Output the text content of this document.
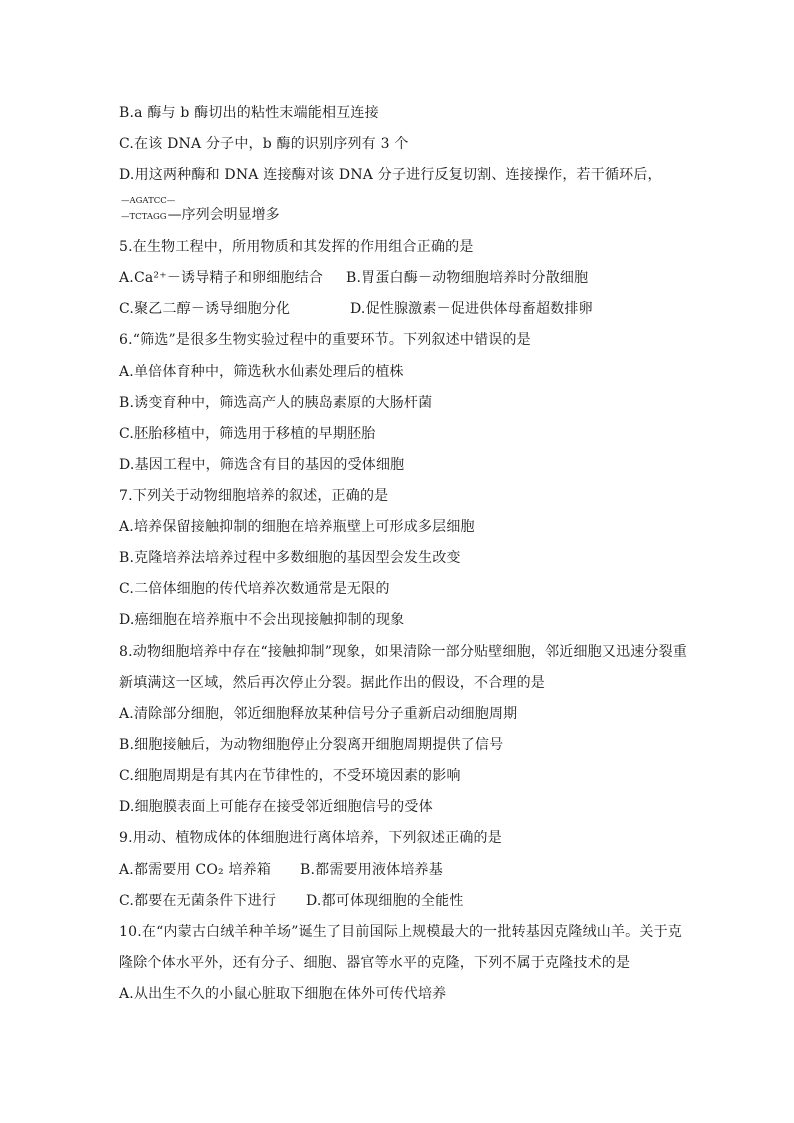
B.a 酶与 b 酶切出的粘性末端能相互连接
C.在该 DNA 分子中，b 酶的识别序列有 3 个
D.用这两种酶和 DNA 连接酶对该 DNA 分子进行反复切割、连接操作，若干循环后，
—AGATCC—
—TCTAGG—序列会明显增多
5.在生物工程中，所用物质和其发挥的作用组合正确的是
A.Ca²⁺－诱导精子和卵细胞结合 B.胃蛋白酶－动物细胞培养时分散细胞
C.聚乙二醇－诱导细胞分化	D.促性腺激素－促进供体母畜超数排卵
6.“筛选”是很多生物实验过程中的重要环节。下列叙述中错误的是
A.单倍体育种中，筛选秋水仙素处理后的植株
B.诱变育种中，筛选高产人的胰岛素原的大肠杆菌
C.胚胎移植中，筛选用于移植的早期胚胎
D.基因工程中，筛选含有目的基因的受体细胞
7.下列关于动物细胞培养的叙述，正确的是
A.培养保留接触抑制的细胞在培养瓶壁上可形成多层细胞
B.克隆培养法培养过程中多数细胞的基因型会发生改变
C.二倍体细胞的传代培养次数通常是无限的
D.癌细胞在培养瓶中不会出现接触抑制的现象
8.动物细胞培养中存在“接触抑制”现象，如果清除一部分贴壁细胞，邻近细胞又迅速分裂重
新填满这一区域，然后再次停止分裂。据此作出的假设，不合理的是
A.清除部分细胞，邻近细胞释放某种信号分子重新启动细胞周期
B.细胞接触后，为动物细胞停止分裂离开细胞周期提供了信号
C.细胞周期是有其内在节律性的，不受环境因素的影响
D.细胞膜表面上可能存在接受邻近细胞信号的受体
9.用动、植物成体的体细胞进行离体培养，下列叙述正确的是
A.都需要用 CO₂ 培养箱 B.都需要用液体培养基
C.都要在无菌条件下进行 D.都可体现细胞的全能性
10.在“内蒙古白绒羊种羊场”诞生了目前国际上规模最大的一批转基因克隆绒山羊。关于克
隆除个体水平外，还有分子、细胞、器官等水平的克隆，下列不属于克隆技术的是
A.从出生不久的小鼠心脏取下细胞在体外可传代培养
